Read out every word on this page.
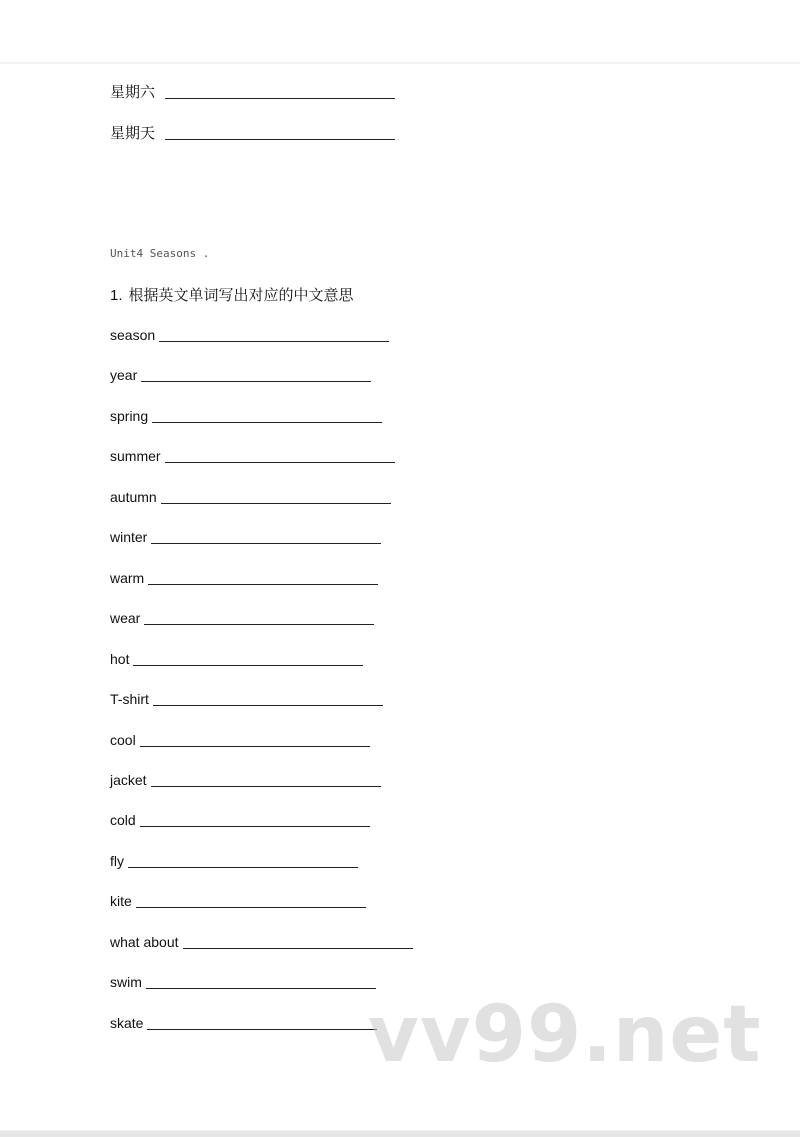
星期六
星期天
Unit4 Seasons .
1. 根据英文单词写出对应的中文意思
season
year
spring
summer
autumn
winter
warm
wear
hot
T-shirt
cool
jacket
cold
fly
kite
what about
swim
skate	vv99.net
